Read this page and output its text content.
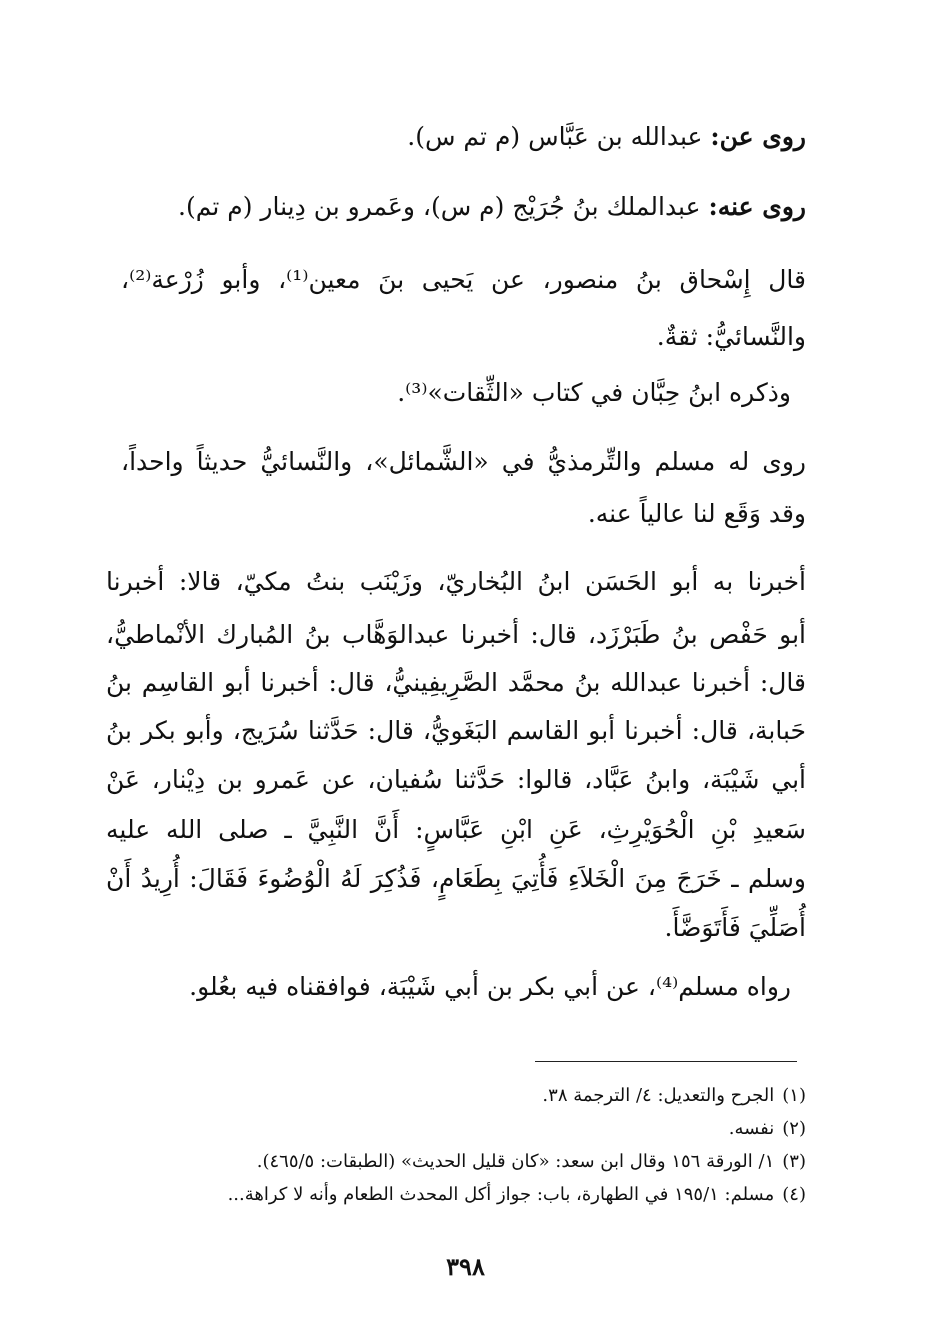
روى عن: عبدالله بن عَبَّاس (م تم س).
روى عنه: عبدالملك بنُ جُرَيْج (م س)، وعَمرو بن دِينار (م تم).
قال إِسْحاق بنُ منصور، عن يَحيى بنَ معين⁽¹⁾، وأبو زُرْعة⁽²⁾،
والنَّسائيُّ: ثقةٌ.
وذكره ابنُ حِبَّان في كتاب «الثِّقات»⁽³⁾.
روى له مسلم والتِّرمذيُّ في «الشَّمائل»، والنَّسائيُّ حديثاً واحداً،
وقد وَقَع لنا عالياً عنه.
أخبرنا به أبو الحَسَن ابنُ البُخاريّ، وزَيْنَب بنتُ مكيّ، قالا: أخبرنا
أبو حَفْص بنُ طَبَرْزَد، قال: أخبرنا عبدالوَهَّاب بنُ المُبارك الأنْماطيُّ،
قال: أخبرنا عبدالله بنُ محمَّد الصَّرِيفِينيُّ، قال: أخبرنا أبو القاسِم بنُ
حَبابة، قال: أخبرنا أبو القاسم البَغَويُّ، قال: حَدَّثنا سُرَيج، وأبو بكر بنُ
أبي شَيْبَة، وابنُ عَبَّاد، قالوا: حَدَّثنا سُفيان، عن عَمرو بن دِيْنار، عَنْ
سَعيدِ بْنِ الْحُوَيْرِثِ، عَنِ ابْنِ عَبَّاسٍ: أَنَّ النَّبِيَّ ـ صلى الله عليه
وسلم ـ خَرَجَ مِنَ الْخَلاَءِ فَأُتِيَ بِطَعَامٍ، فَذُكِرَ لَهُ الْوُضُوءَ فَقَالَ: أُرِيدُ أَنْ
أُصَلِّيَ فَأَتَوَضَّأَ.
رواه مسلم⁽⁴⁾، عن أبي بكر بن أبي شَيْبَة، فوافقناه فيه بعُلو.
(١)الجرح والتعديل: ٤/ الترجمة ٣٨.
(٢)نفسه.
(٣)١/ الورقة ١٥٦ وقال ابن سعد: «كان قليل الحديث» (الطبقات: ٤٦٥/٥).
(٤)مسلم: ١٩٥/١ في الطهارة، باب: جواز أكل المحدث الطعام وأنه لا كراهة...
٣٩٨
